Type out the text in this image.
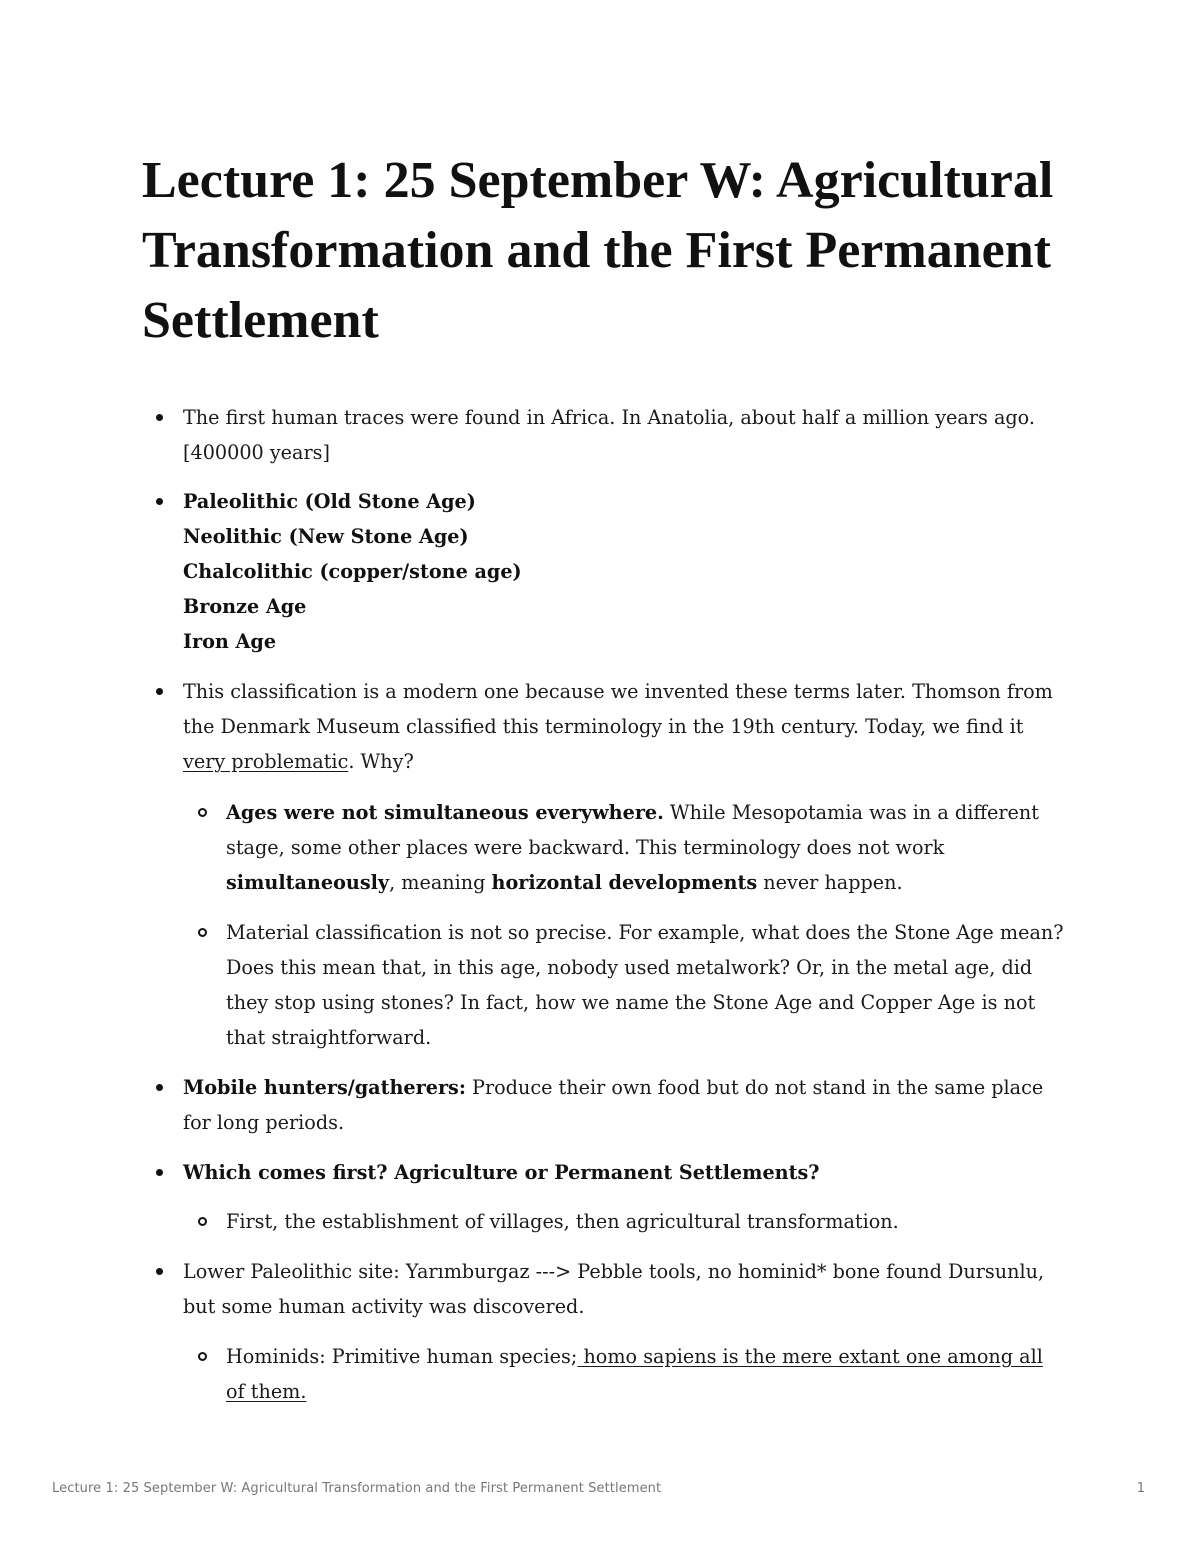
Lecture 1: 25 September W: Agricultural Transformation and the First Permanent Settlement
The first human traces were found in Africa. In Anatolia, about half a million years ago. [400000 years]
Paleolithic (Old Stone Age)
Neolithic (New Stone Age)
Chalcolithic (copper/stone age)
Bronze Age
Iron Age
This classification is a modern one because we invented these terms later. Thomson from the Denmark Museum classified this terminology in the 19th century. Today, we find it very problematic. Why?
Ages were not simultaneous everywhere. While Mesopotamia was in a different stage, some other places were backward. This terminology does not work simultaneously, meaning horizontal developments never happen.
Material classification is not so precise. For example, what does the Stone Age mean? Does this mean that, in this age, nobody used metalwork? Or, in the metal age, did they stop using stones? In fact, how we name the Stone Age and Copper Age is not that straightforward.
Mobile hunters/gatherers: Produce their own food but do not stand in the same place for long periods.
Which comes first? Agriculture or Permanent Settlements?
First, the establishment of villages, then agricultural transformation.
Lower Paleolithic site: Yarımburgaz ---> Pebble tools, no hominid* bone found Dursunlu, but some human activity was discovered.
Hominids: Primitive human species; homo sapiens is the mere extant one among all of them.
Lecture 1: 25 September W: Agricultural Transformation and the First Permanent Settlement	1
